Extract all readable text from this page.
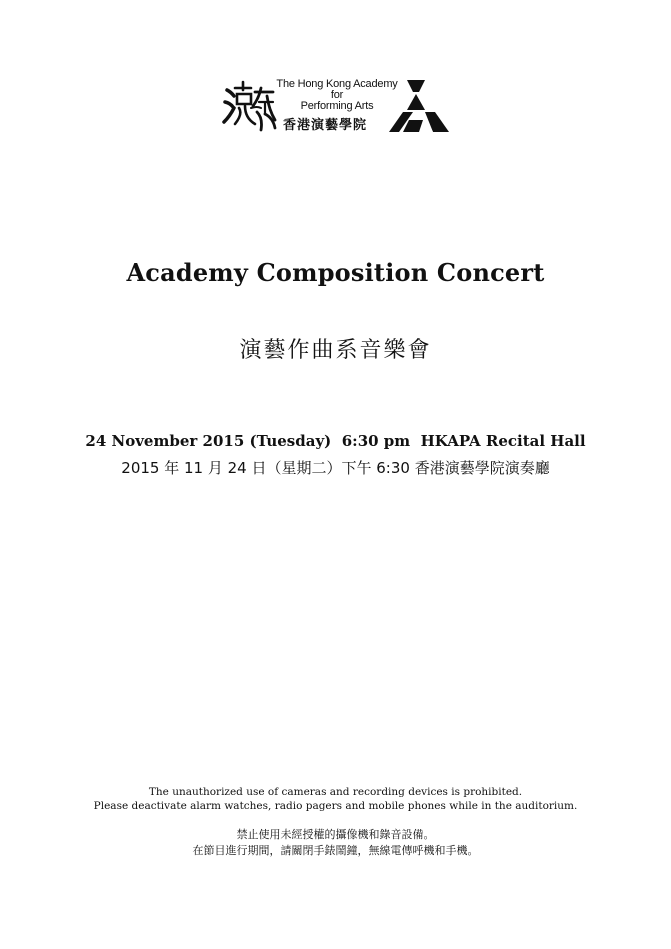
The Hong Kong Academy
for
Performing Arts
香港演藝學院
Academy Composition Concert
演藝作曲系音樂會
24 November 2015 (Tuesday)  6:30 pm  HKAPA Recital Hall
2015 年 11 月 24 日（星期二）下午 6:30 香港演藝學院演奏廳
The unauthorized use of cameras and recording devices is prohibited.
Please deactivate alarm watches, radio pagers and mobile phones while in the auditorium.
禁止使用未經授權的攝像機和錄音設備。
在節目進行期間，請關閉手錶鬧鐘，無線電傳呼機和手機。
